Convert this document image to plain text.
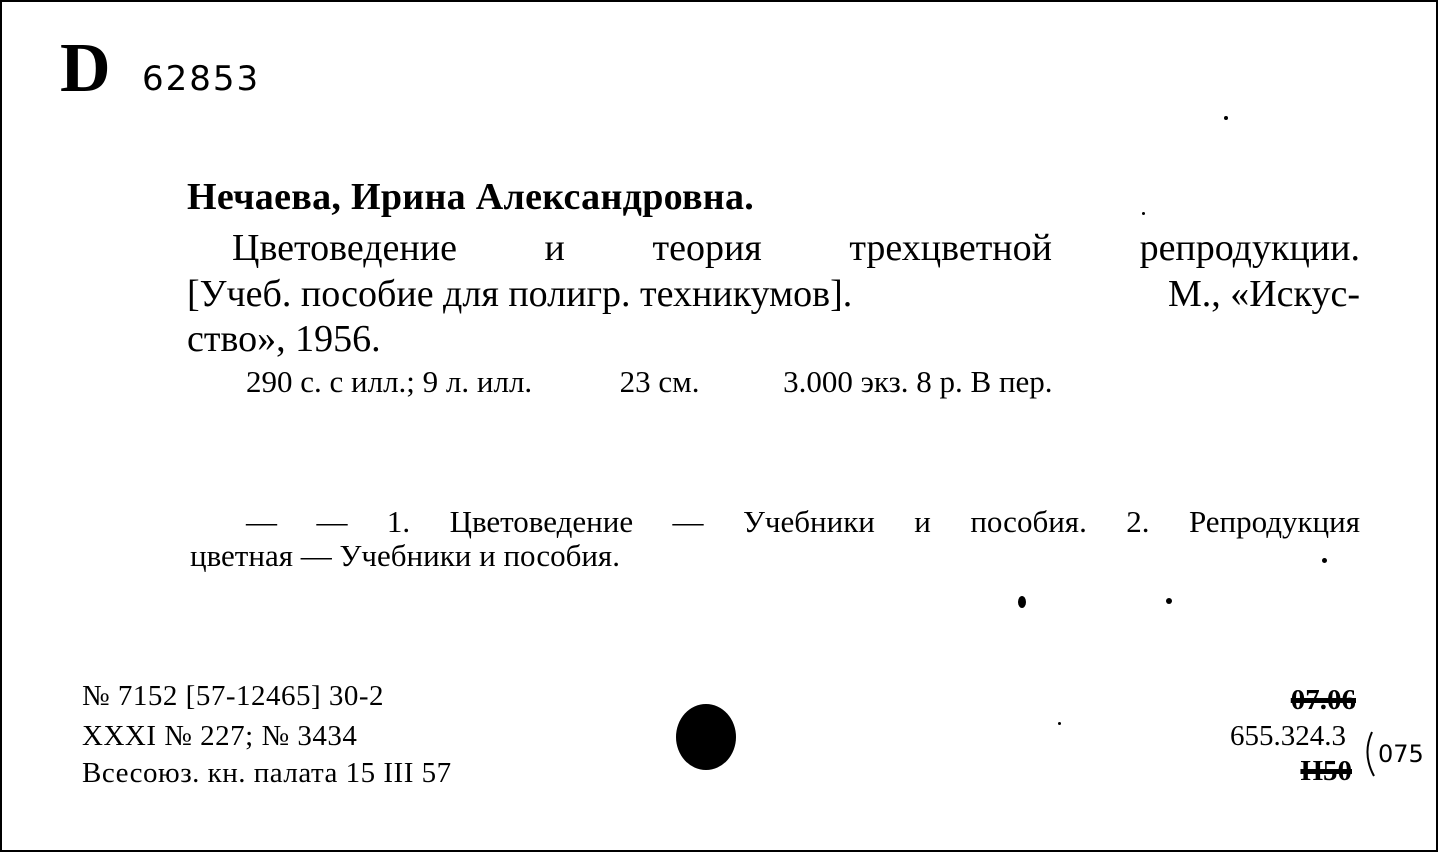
D 62853
Нечаева, Ирина Александровна.
Цветоведение и теория трехцветной репродукции.
[Учеб. пособие для полигр. техникумов].	М., «Искус-
ство», 1956.
290 с. с илл.; 9 л. илл.	23 см.	3.000 экз. 8 р. В пер.
— — 1. Цветоведение — Учебники и пособия. 2. Репродукция
цветная — Учебники и пособия.
№ 7152 [57-12465] 30-2
XXXI № 227; № 3434
Всесоюз. кн. палата 15 III 57
07.06
655.324.3
Н50
075
